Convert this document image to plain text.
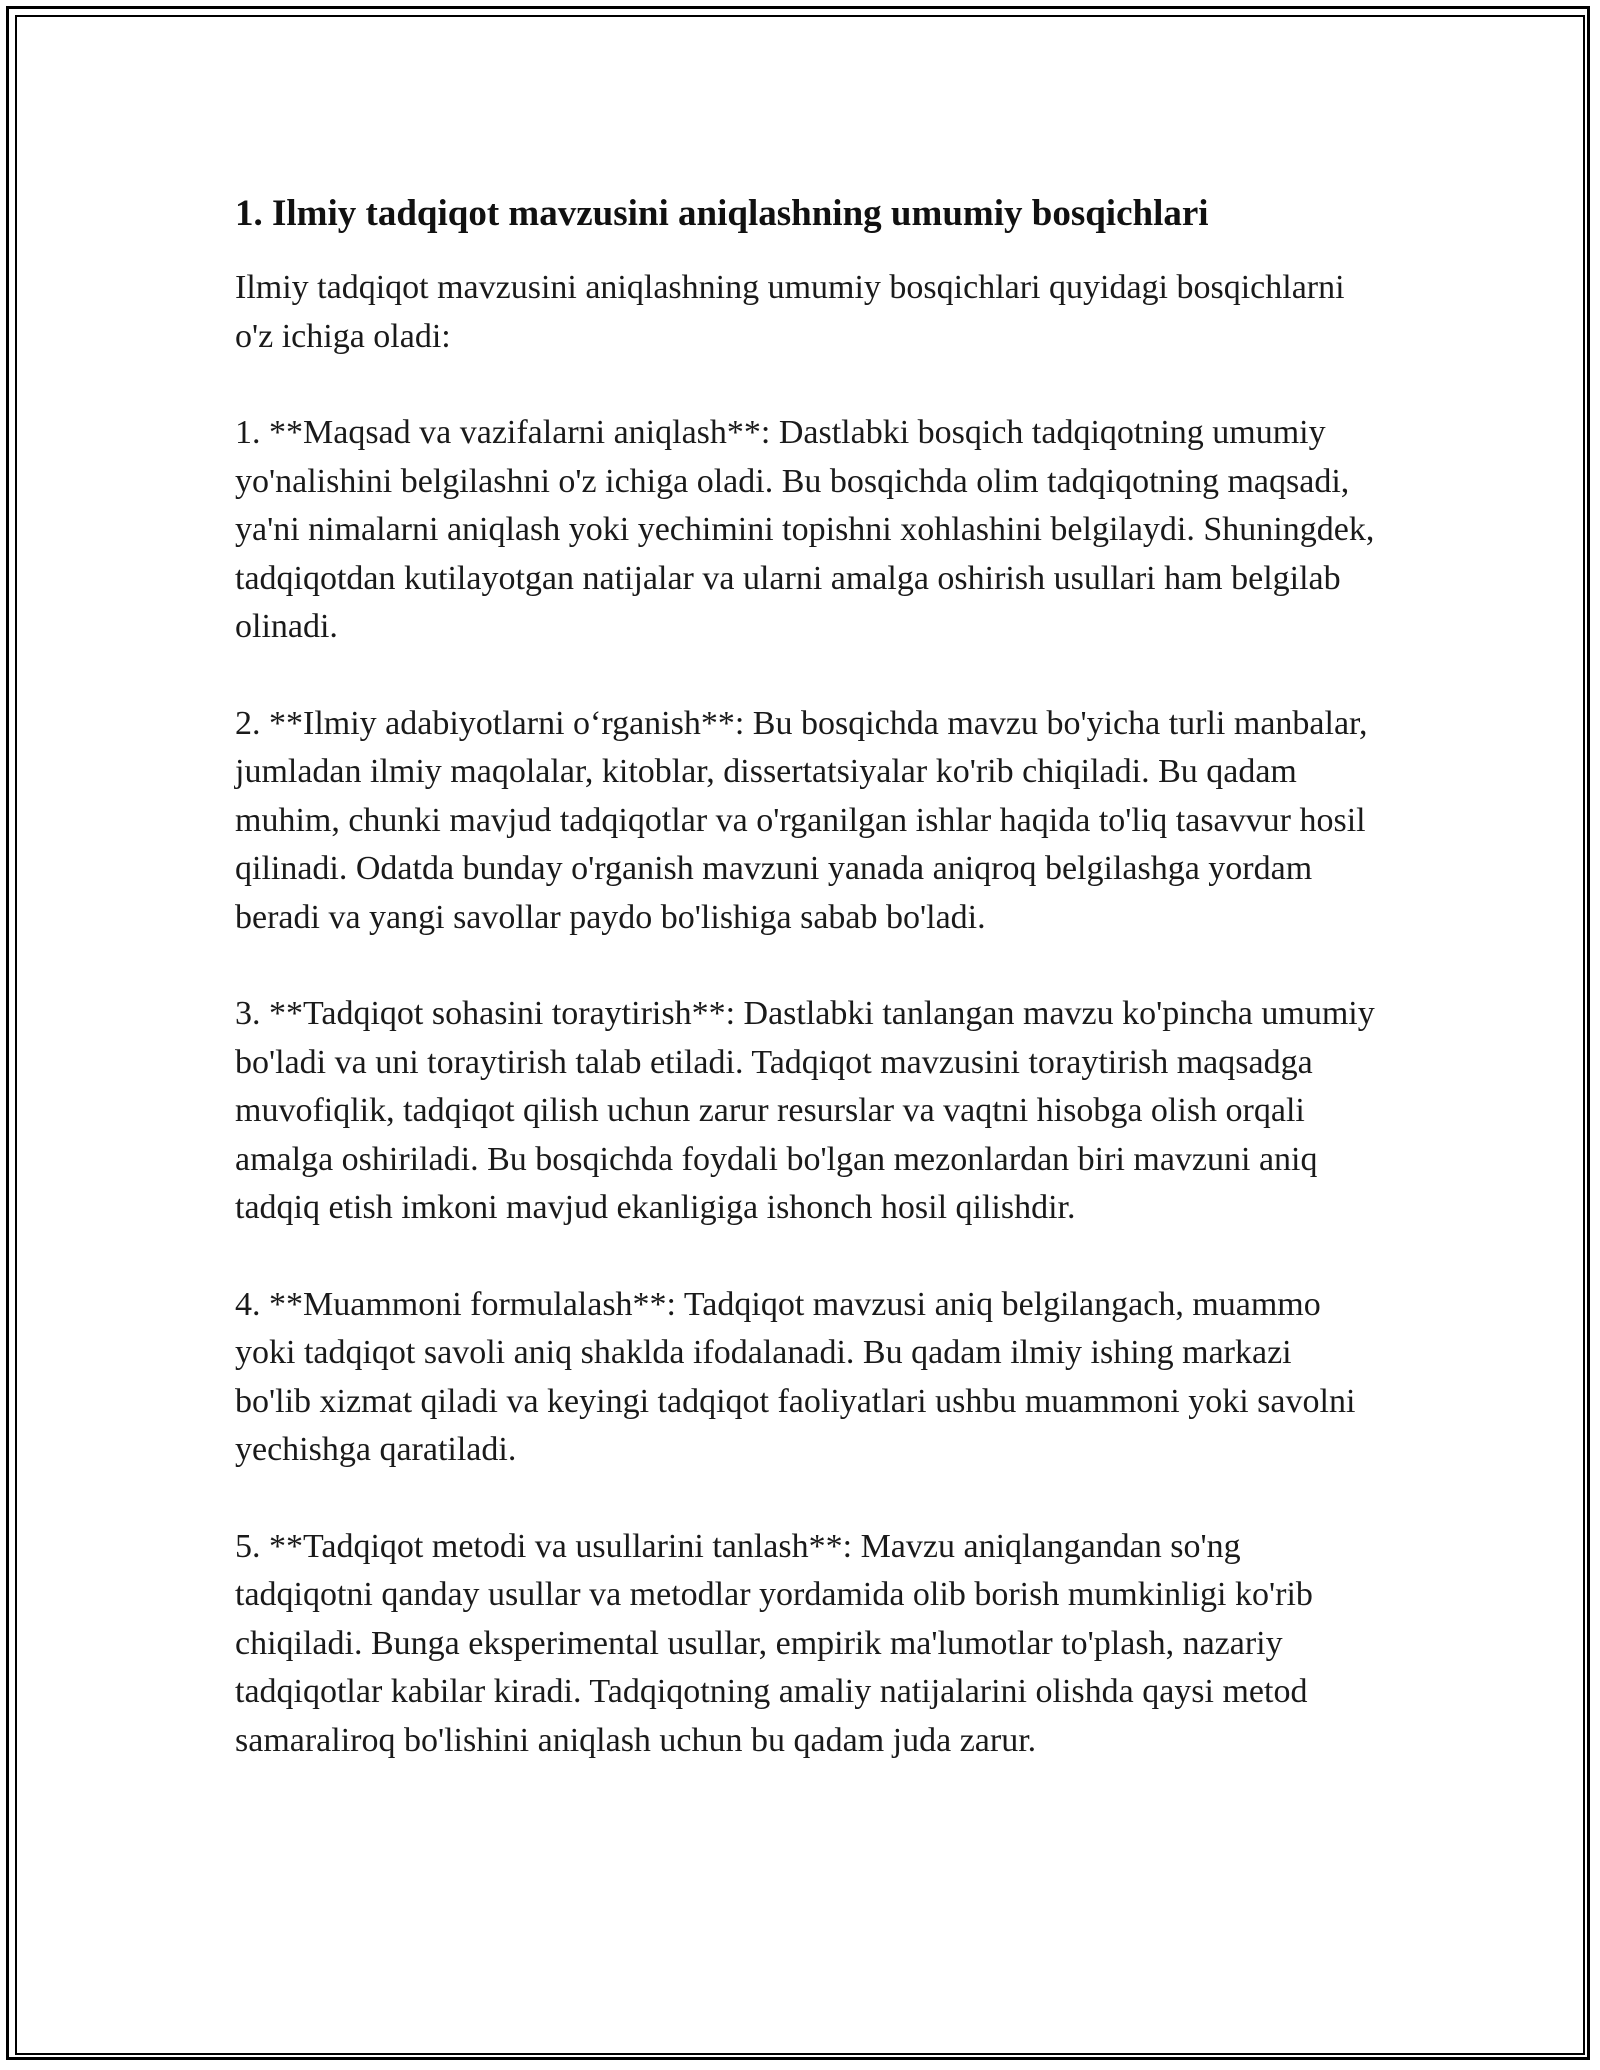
1. Ilmiy tadqiqot mavzusini aniqlashning umumiy bosqichlari

Ilmiy tadqiqot mavzusini aniqlashning umumiy bosqichlari quyidagi bosqichlarni o'z ichiga oladi:

1. **Maqsad va vazifalarni aniqlash**: Dastlabki bosqich tadqiqotning umumiy yo'nalishini belgilashni o'z ichiga oladi. Bu bosqichda olim tadqiqotning maqsadi, ya'ni nimalarni aniqlash yoki yechimini topishni xohlashini belgilaydi. Shuningdek, tadqiqotdan kutilayotgan natijalar va ularni amalga oshirish usullari ham belgilab olinadi.

2. **Ilmiy adabiyotlarni oʻrganish**: Bu bosqichda mavzu bo'yicha turli manbalar, jumladan ilmiy maqolalar, kitoblar, dissertatsiyalar ko'rib chiqiladi. Bu qadam muhim, chunki mavjud tadqiqotlar va o'rganilgan ishlar haqida to'liq tasavvur hosil qilinadi. Odatda bunday o'rganish mavzuni yanada aniqroq belgilashga yordam beradi va yangi savollar paydo bo'lishiga sabab bo'ladi.

3. **Tadqiqot sohasini toraytirish**: Dastlabki tanlangan mavzu ko'pincha umumiy bo'ladi va uni toraytirish talab etiladi. Tadqiqot mavzusini toraytirish maqsadga muvofiqlik, tadqiqot qilish uchun zarur resurslar va vaqtni hisobga olish orqali amalga oshiriladi. Bu bosqichda foydali bo'lgan mezonlardan biri mavzuni aniq tadqiq etish imkoni mavjud ekanligiga ishonch hosil qilishdir.

4. **Muammoni formulalash**: Tadqiqot mavzusi aniq belgilangach, muammo yoki tadqiqot savoli aniq shaklda ifodalanadi. Bu qadam ilmiy ishing markazi bo'lib xizmat qiladi va keyingi tadqiqot faoliyatlari ushbu muammoni yoki savolni yechishga qaratiladi.

5. **Tadqiqot metodi va usullarini tanlash**: Mavzu aniqlangandan so'ng tadqiqotni qanday usullar va metodlar yordamida olib borish mumkinligi ko'rib chiqiladi. Bunga eksperimental usullar, empirik ma'lumotlar to'plash, nazariy tadqiqotlar kabilar kiradi. Tadqiqotning amaliy natijalarini olishda qaysi metod samaraliroq bo'lishini aniqlash uchun bu qadam juda zarur.
